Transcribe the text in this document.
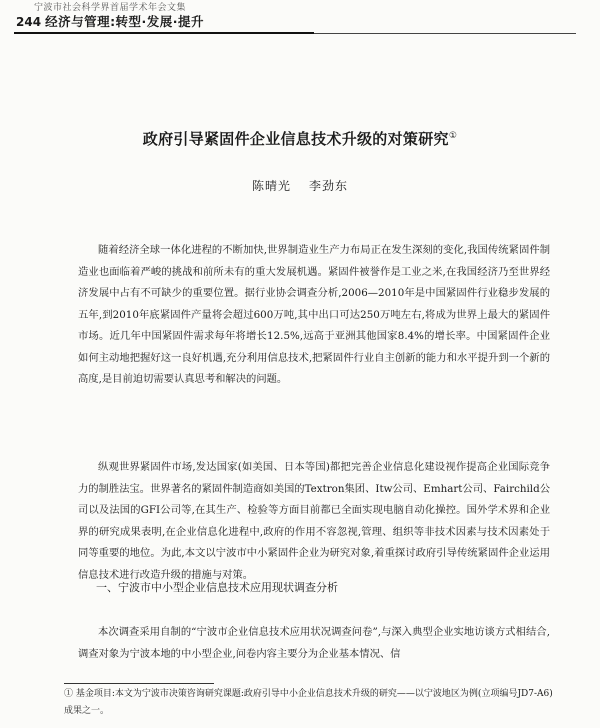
宁波市社会科学界首届学术年会文集
244 经济与管理:转型·发展·提升
政府引导紧固件企业信息技术升级的对策研究①
陈晴光 李劲东

随着经济全球一体化进程的不断加快,世界制造业生产力布局正在发生深刻的变化,我国传统紧固件制造业也面临着严峻的挑战和前所未有的重大发展机遇。紧固件被誉作是工业之米,在我国经济乃至世界经济发展中占有不可缺少的重要位置。据行业协会调查分析,2006—2010年是中国紧固件行业稳步发展的五年,到2010年底紧固件产量将会超过600万吨,其中出口可达250万吨左右,将成为世界上最大的紧固件市场。近几年中国紧固件需求每年将增长12.5%,远高于亚洲其他国家8.4%的增长率。中国紧固件企业如何主动地把握好这一良好机遇,充分利用信息技术,把紧固件行业自主创新的能力和水平提升到一个新的高度,是目前迫切需要认真思考和解决的问题。

纵观世界紧固件市场,发达国家(如美国、日本等国)都把完善企业信息化建设视作提高企业国际竞争力的制胜法宝。世界著名的紧固件制造商如美国的Textron集团、Itw公司、Emhart公司、Fairchild公司以及法国的GFI公司等,在其生产、检验等方面目前都已全面实现电脑自动化操控。国外学术界和企业界的研究成果表明,在企业信息化进程中,政府的作用不容忽视,管理、组织等非技术因素与技术因素处于同等重要的地位。为此,本文以宁波市中小紧固件企业为研究对象,着重探讨政府引导传统紧固件企业运用信息技术进行改造升级的措施与对策。

一、宁波市中小型企业信息技术应用现状调查分析

本次调查采用自制的“宁波市企业信息技术应用状况调查问卷”,与深入典型企业实地访谈方式相结合,调查对象为宁波本地的中小型企业,问卷内容主要分为企业基本情况、信

① 基金项目:本文为宁波市决策咨询研究课题:政府引导中小企业信息技术升级的研究——以宁波地区为例(立项编号JD7-A6)成果之一。
